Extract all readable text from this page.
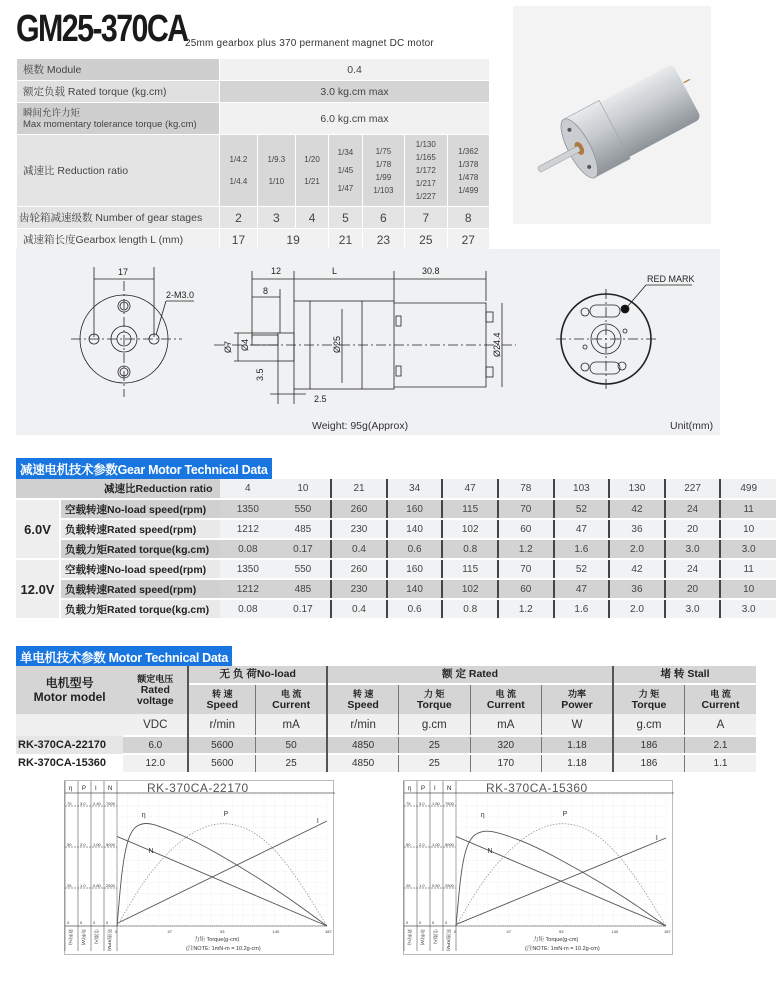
GM25-370CA
25mm gearbox plus 370 permanent magnet DC motor
模数 Module	0.4
额定负载 Rated torque (kg.cm)	3.0 kg.cm max

瞬间允许力矩
Max momentary tolerance torque (kg.cm)	6.0 kg.cm max
减速比 Reduction ratio	
1/4.2
1/4.4

1/9.3
1/10

1/20
1/21

1/34
1/45
1/47

1/75
1/78
1/99
1/103

1/130
1/165
1/172
1/217
1/227

1/362
1/378
1/478
1/499

齿轮箱减速级数 Number of gear stages	2	3	4	5	6	7	8
减速箱长度Gearbox length L (mm)	17	19	21	23	25	27
17
2-M3.0
12	L	30.8
8
Ø7 Ø4	Ø25
3.5
2.5
Ø24.4
RED MARK
Weight: 95g(Approx)	Unit(mm)
减速电机技术参数Gear Motor Technical Data
减速比Reduction ratio	4	10	21	34	47	78	103	130	227	499
6.0V	空载转速No-load speed(rpm)	1350	550	260	160	115	70	52	42	24	11
负载转速Rated speed(rpm)	1212	485	230	140	102	60	47	36	20	10
负载力矩Rated torque(kg.cm)	0.08	0.17	0.4	0.6	0.8	1.2	1.6	2.0	3.0	3.0
12.0V	空载转速No-load speed(rpm)	1350	550	260	160	115	70	52	42	24	11
负载转速Rated speed(rpm)	1212	485	230	140	102	60	47	36	20	10
负载力矩Rated torque(kg.cm)	0.08	0.17	0.4	0.6	0.8	1.2	1.6	2.0	3.0	3.0
单电机技术参数 Motor Technical Data
电机型号
Motor model

额定电压
Rated voltage
	无 负 荷No-load	额 定 Rated	堵 转 Stall

转 速
Speed

电 流
Current

转 速
Speed

力 矩
Torque

电 流
Current

功率
Power

力 矩
Torque

电 流
Current

	VDC	r/min	mA	r/min	g.cm	mA	W	g.cm	A
RK-370CA-22170	6.0	5600	50	4850	25	320	1.18	186	2.1
RK-370CA-15360	12.0	5600	25	4850	25	170	1.18	186	1.1
η
75
50
25
0
效率(%)
P
3.0
2.0
1.0
0
功率(W)
I
2.40
1.60
0.80
0
电流(A)
N
7500
5000
2500
0
转速(RPM)
RK-370CA-22170
0	47	93	140	187
力矩 Torque(g-cm)
(注NOTE: 1mN-m = 10.2g-cm)
N
I
P
η
η
75
50
25
0
效率(%)
P
3.0
2.0
1.0
0
功率(W)
I
1.50
1.00
0.50
0
电流(A)
N
7500
5000
2500
0
转速(RPM)
RK-370CA-15360
0	47	93	140	187
力矩 Torque(g-cm)
(注NOTE: 1mN-m = 10.2g-cm)
N
I
P
η
